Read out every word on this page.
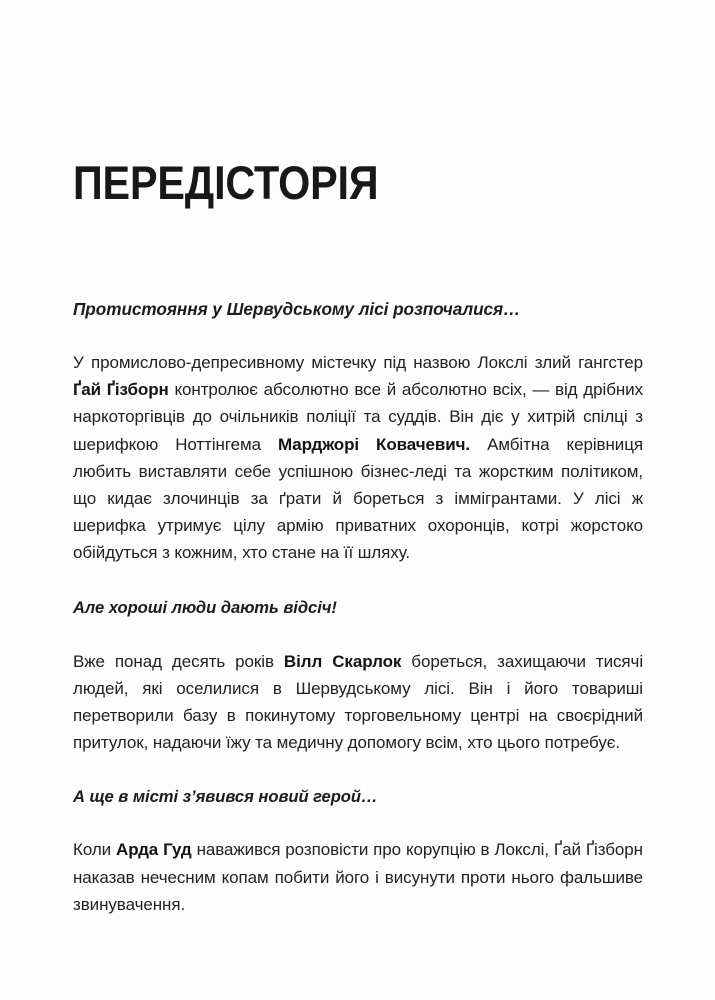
ПЕРЕДІСТОРІЯ

Протистояння у Шервудському лісі розпочалися…

У промислово-депресивному містечку під назвою Локслі злий гангстер Ґай Ґізборн контролює абсолютно все й абсолютно всіх, — від дрібних наркоторгівців до очільників поліції та суддів. Він діє у хитрій спілці з шерифкою Ноттінгема Марджорі Ковачевич. Амбітна керівниця любить виставляти себе успішною бізнес-леді та жорстким політиком, що кидає злочинців за ґрати й бореться з іммігрантами. У лісі ж шерифка утримує цілу армію приватних охоронців, котрі жорстоко обійдуться з кожним, хто стане на її шляху.

Але хороші люди дають відсіч!

Вже понад десять років Вілл Скарлок бореться, захищаючи тисячі людей, які оселилися в Шервудському лісі. Він і його товариші перетворили базу в покинутому торговельному центрі на своєрідний притулок, надаючи їжу та медичну допомогу всім, хто цього потребує.

А ще в місті з’явився новий герой…

Коли Арда Гуд наважився розповісти про корупцію в Локслі, Ґай Ґізборн наказав нечесним копам побити його і висунути проти нього фальшиве звинувачення.
